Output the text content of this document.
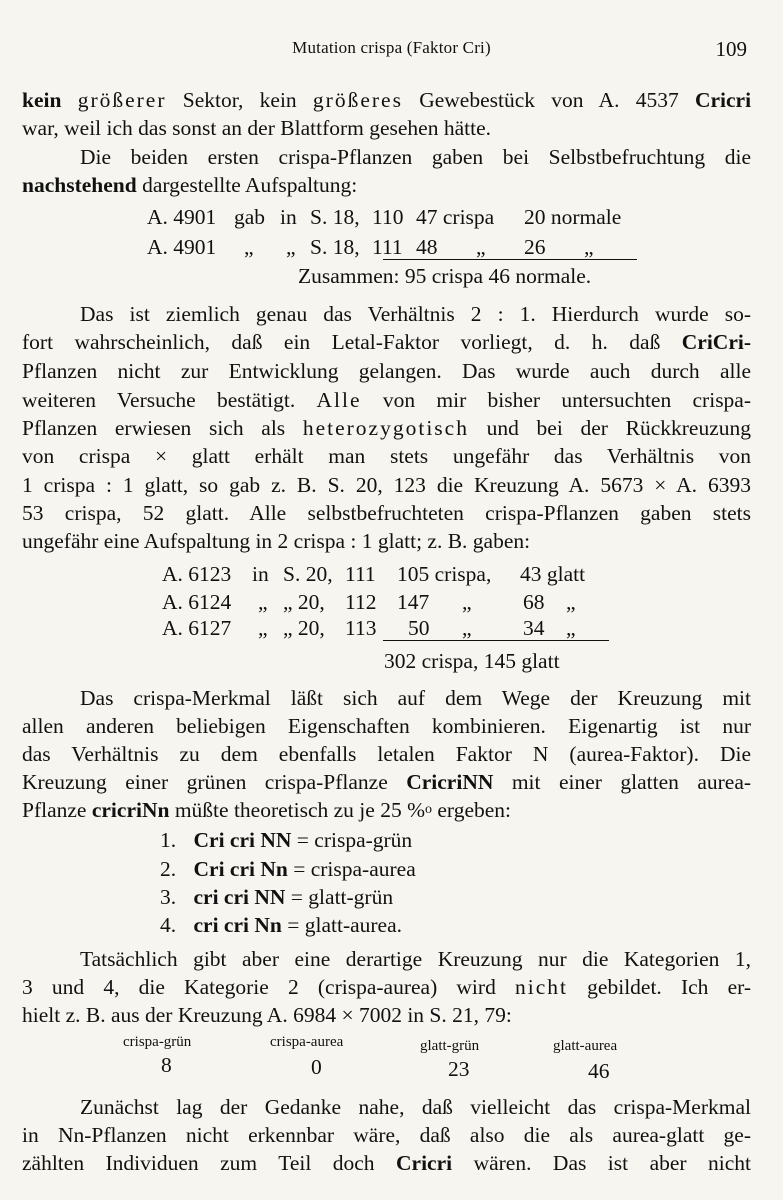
Mutation crispa (Faktor Cri)	109
kein größerer Sektor, kein größeres Gewebestück von A. 4537 Cricri
war, weil ich das sonst an der Blattform gesehen hätte.
Die beiden ersten crispa-Pflanzen gaben bei Selbstbefruchtung die
nachstehend dargestellte Aufspaltung:
A. 4901 gab in S. 18, 110 47 crispa 20 normale
A. 4901 „ „ S. 18, 111 48 „ 26 „
Zusammen: 95 crispa 46 normale.
Das ist ziemlich genau das Verhältnis 2 : 1. Hierdurch wurde so-
fort wahrscheinlich, daß ein Letal-Faktor vorliegt, d. h. daß CriCri-
Pflanzen nicht zur Entwicklung gelangen. Das wurde auch durch alle
weiteren Versuche bestätigt. Alle von mir bisher untersuchten crispa-
Pflanzen erwiesen sich als heterozygotisch und bei der Rückkreuzung
von crispa × glatt erhält man stets ungefähr das Verhältnis von
1 crispa : 1 glatt, so gab z. B. S. 20, 123 die Kreuzung A. 5673 × A. 6393
53 crispa, 52 glatt. Alle selbstbefruchteten crispa-Pflanzen gaben stets
ungefähr eine Aufspaltung in 2 crispa : 1 glatt; z. B. gaben:
A. 6123 in S. 20, 111 105 crispa, 43 glatt
A. 6124 „ „ 20, 112 147 „ 68 „
A. 6127 „ „ 20, 113 50 „ 34 „
302 crispa, 145 glatt
Das crispa-Merkmal läßt sich auf dem Wege der Kreuzung mit
allen anderen beliebigen Eigenschaften kombinieren. Eigenartig ist nur
das Verhältnis zu dem ebenfalls letalen Faktor N (aurea-Faktor). Die
Kreuzung einer grünen crispa-Pflanze CricriNN mit einer glatten aurea-
Pflanze cricriNn müßte theoretisch zu je 25 %o ergeben:
1. Cri cri NN = crispa-grün
2. Cri cri Nn = crispa-aurea
3. cri cri NN = glatt-grün
4. cri cri Nn = glatt-aurea.
Tatsächlich gibt aber eine derartige Kreuzung nur die Kategorien 1,
3 und 4, die Kategorie 2 (crispa-aurea) wird nicht gebildet. Ich er-
hielt z. B. aus der Kreuzung A. 6984 × 7002 in S. 21, 79:
crispa-grün	crispa-aurea	glatt-grün	glatt-aurea
8	0	23	46
Zunächst lag der Gedanke nahe, daß vielleicht das crispa-Merkmal
in Nn-Pflanzen nicht erkennbar wäre, daß also die als aurea-glatt ge-
zählten Individuen zum Teil doch Cricri wären. Das ist aber nicht
